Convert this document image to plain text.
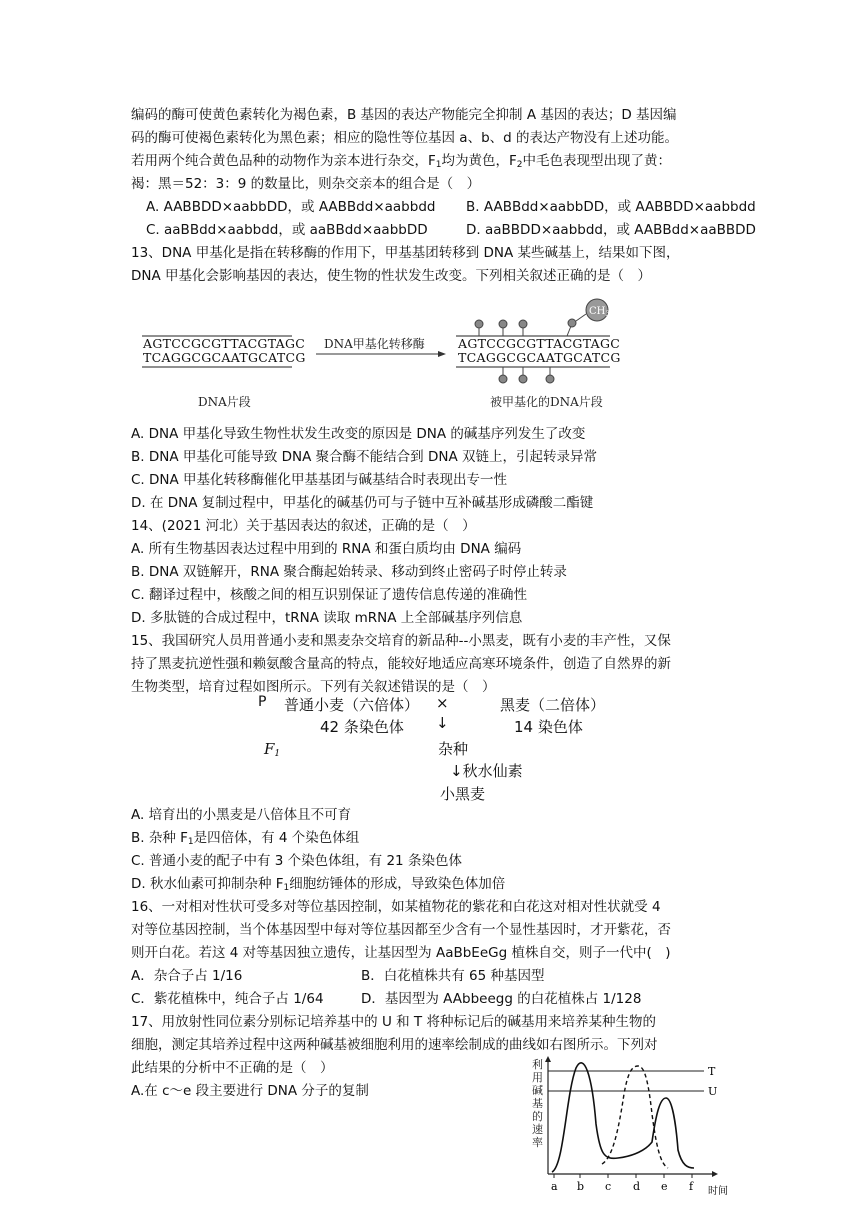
编码的酶可使黄色素转化为褐色素，B 基因的表达产物能完全抑制 A 基因的表达；D 基因编
码的酶可使褐色素转化为黑色素；相应的隐性等位基因 a、b、d 的表达产物没有上述功能。
若用两个纯合黄色品种的动物作为亲本进行杂交，$F_1$均为黄色，$F_2$中毛色表现型出现了黄：
褐：黑＝52：3：9 的数量比，则杂交亲本的组合是（　）
A. AABBDD×aabbDD，或 AABBdd×aabbdd B. AABBdd×aabbDD，或 AABBDD×aabbdd
C. aaBBdd×aabbdd，或 aaBBdd×aabbDD	D. aaBBDD×aabbdd，或 AABBdd×aaBBDD
13、DNA 甲基化是指在转移酶的作用下，甲基基团转移到 DNA 某些碱基上，结果如下图，
DNA 甲基化会影响基因的表达，使生物的性状发生改变。下列相关叙述正确的是（　）
AGTCCGCGTTACGTAGC
TCAGGCGCAATGCATCG
DNA甲基化转移酶	AGTCCGCGTTACGTAGC
TCAGGCGCAATGCATCG
$CH_3$
DNA片段	被甲基化的DNA片段
A. DNA 甲基化导致生物性状发生改变的原因是 DNA 的碱基序列发生了改变
B. DNA 甲基化可能导致 DNA 聚合酶不能结合到 DNA 双链上，引起转录异常
C. DNA 甲基化转移酶催化甲基基团与碱基结合时表现出专一性
D. 在 DNA 复制过程中，甲基化的碱基仍可与子链中互补碱基形成磷酸二酯键
14、(2021 河北）关于基因表达的叙述，正确的是（　）
A. 所有生物基因表达过程中用到的 RNA 和蛋白质均由 DNA 编码
B. DNA 双链解开，RNA 聚合酶起始转录、移动到终止密码子时停止转录
C. 翻译过程中，核酸之间的相互识别保证了遗传信息传递的准确性
D. 多肽链的合成过程中，tRNA 读取 mRNA 上全部碱基序列信息
15、我国研究人员用普通小麦和黑麦杂交培育的新品种--小黑麦，既有小麦的丰产性，又保
持了黑麦抗逆性强和赖氨酸含量高的特点，能较好地适应高寒环境条件，创造了自然界的新
生物类型，培育过程如图所示。下列有关叙述错误的是（　）
P 普通小麦（六倍体） ×	黑麦（二倍体）
42 条染色体 ↓	14 染色体
$F_1$	杂种
↓秋水仙素
小黑麦
A. 培育出的小黑麦是八倍体且不可育
B. 杂种 $F_1$是四倍体，有 4 个染色体组
C. 普通小麦的配子中有 3 个染色体组，有 21 条染色体
D. 秋水仙素可抑制杂种 $F_1$细胞纺锤体的形成，导致染色体加倍
16、一对相对性状可受多对等位基因控制，如某植物花的紫花和白花这对相对性状就受 4
对等位基因控制，当个体基因型中每对等位基因都至少含有一个显性基因时，才开紫花，否
则开白花。若这 4 对等基因独立遗传，让基因型为 AaBbEeGg 植株自交，则子一代中(　)
A．杂合子占 1/16	B．白花植株共有 65 种基因型
C．紫花植株中，纯合子占 1/64	D．基因型为 AAbbeegg 的白花植株占 1/128
17、用放射性同位素分别标记培养基中的 U 和 T 将种标记后的碱基用来培养某种生物的
细胞，测定其培养过程中这两种碱基被细胞利用的速率绘制成的曲线如右图所示。下列对
此结果的分析中不正确的是（　）
A.在 c～e 段主要进行 DNA 分子的复制
利用碱基的速率
T
U
a b c d e f 时间
